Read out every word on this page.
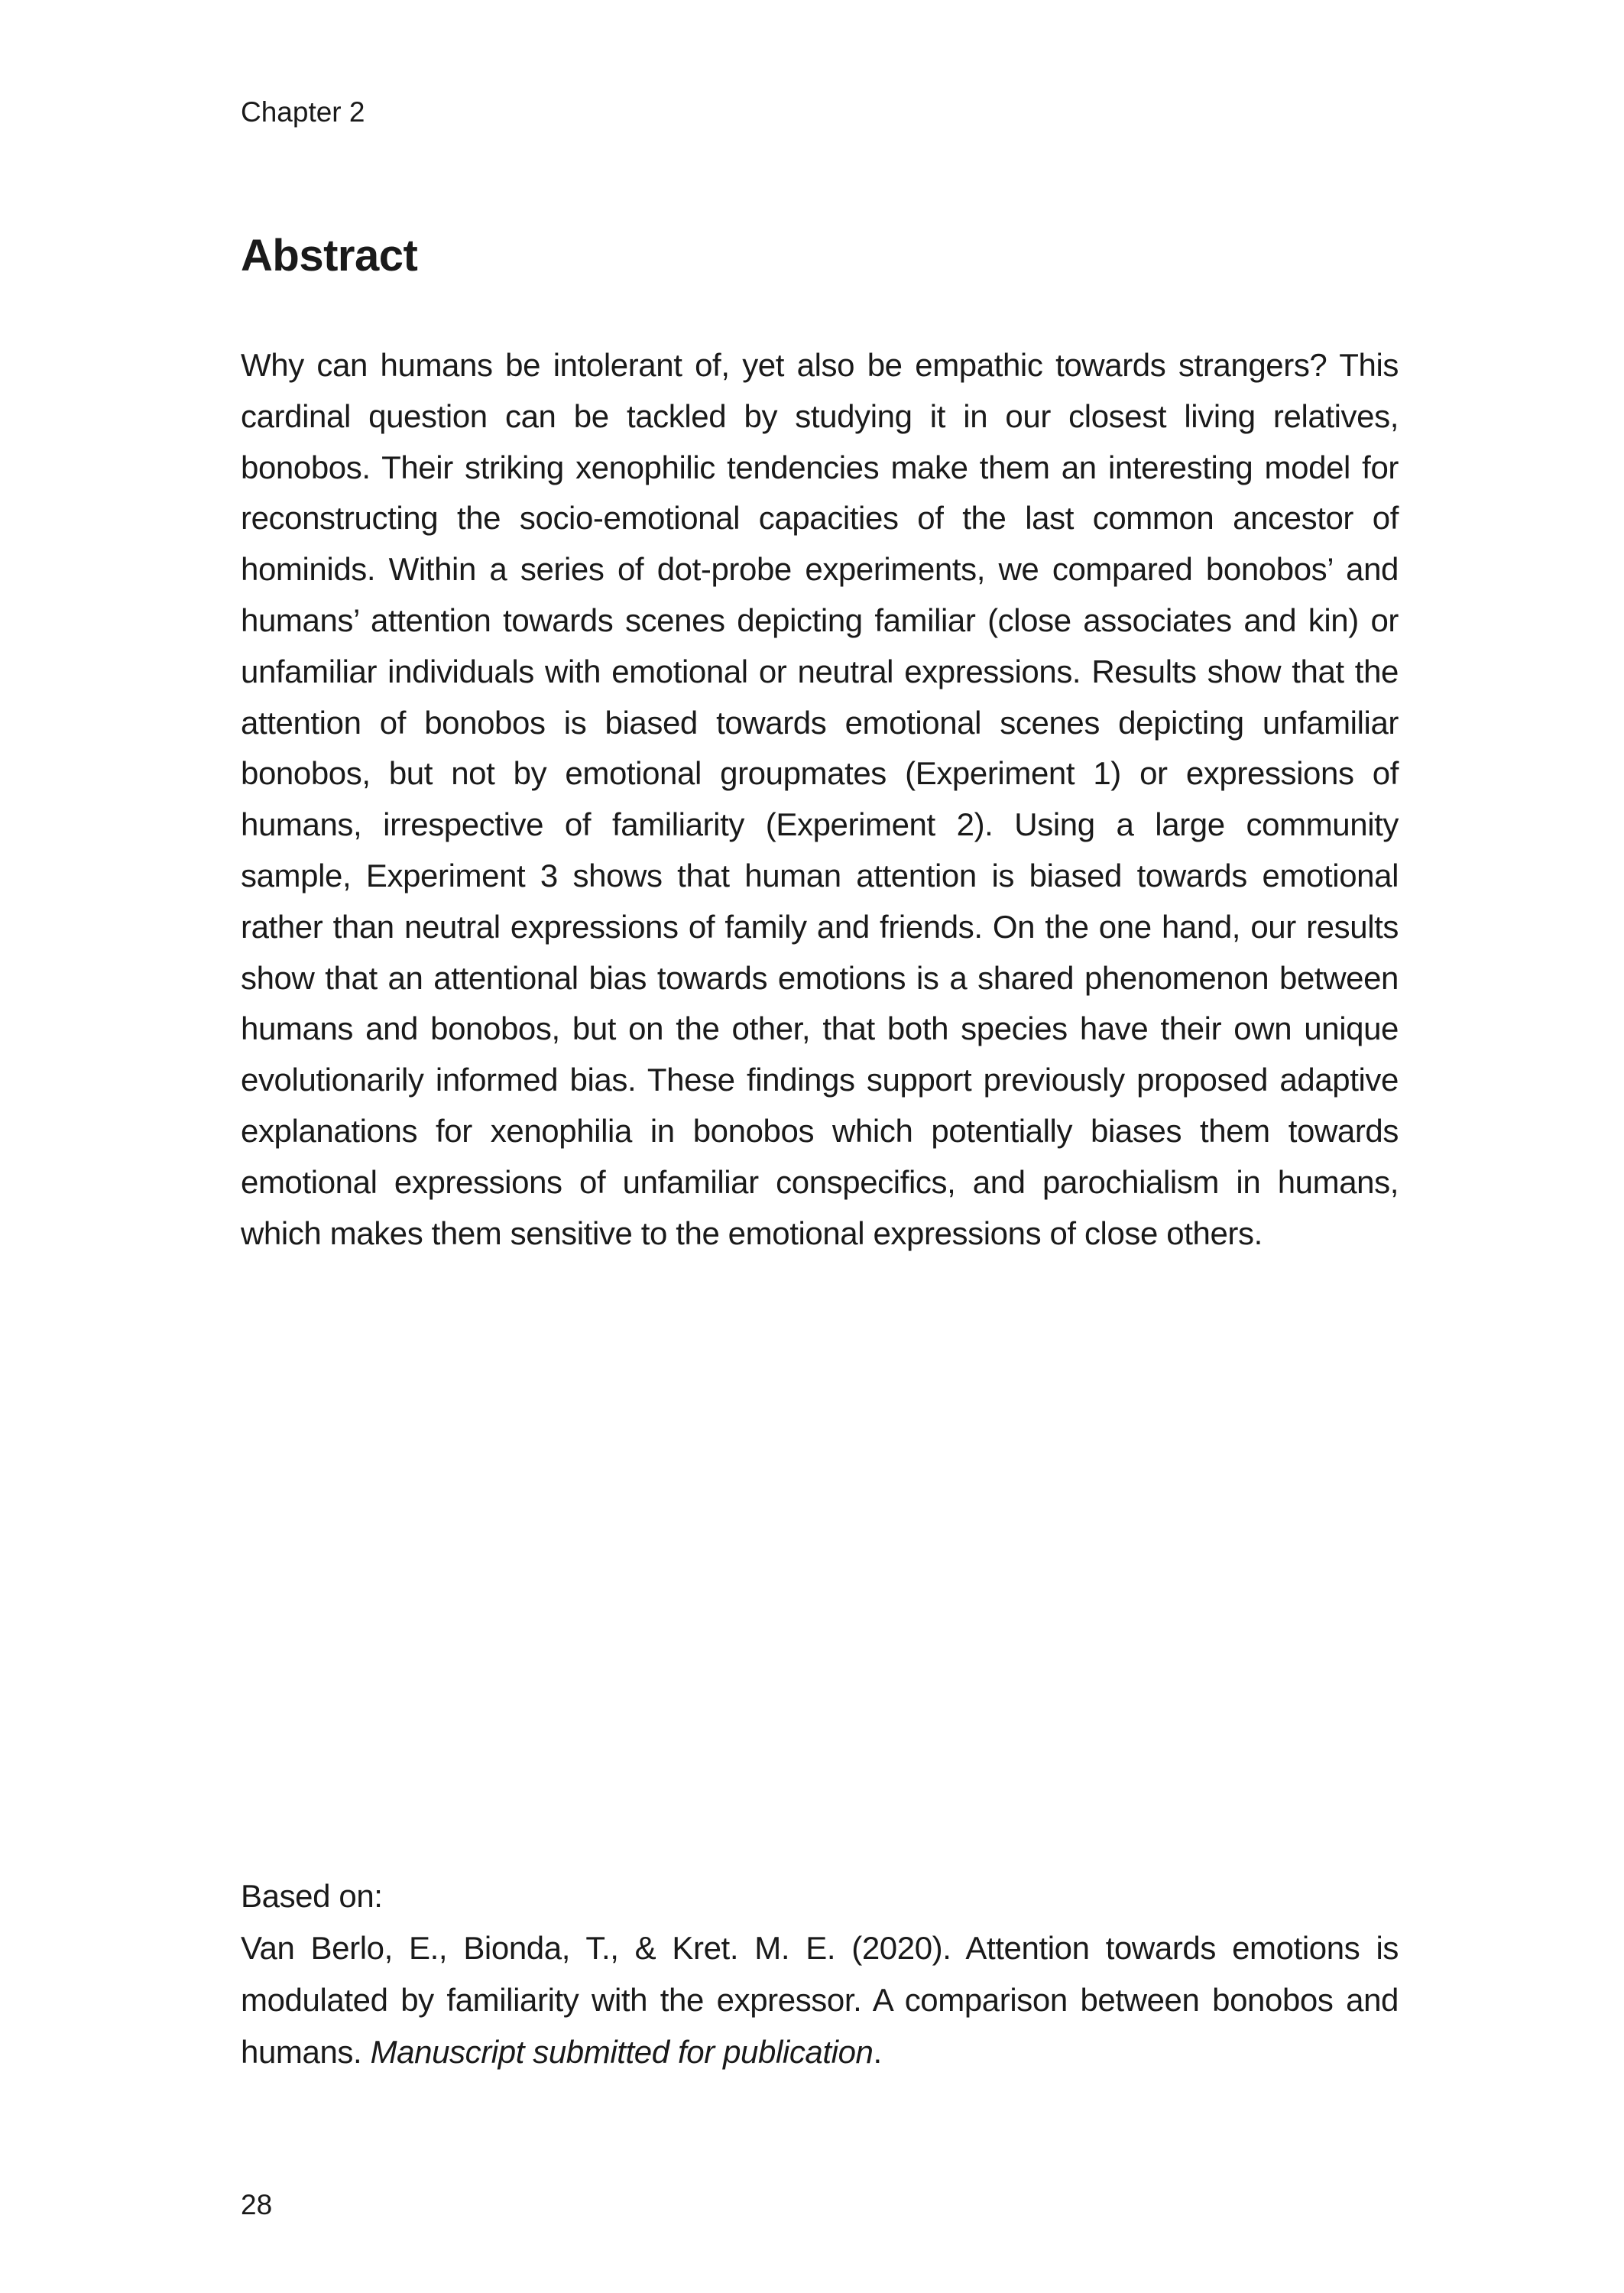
Chapter 2
Abstract

Why can humans be intolerant of, yet also be empathic towards strangers? This cardinal question can be tackled by studying it in our closest living relatives, bonobos. Their striking xenophilic tendencies make them an interesting model for reconstructing the socio-emotional capacities of the last common ancestor of hominids. Within a series of dot-probe experiments, we compared bonobos’ and humans’ attention towards scenes depicting familiar (close associates and kin) or unfamiliar individuals with emotional or neutral expressions. Results show that the attention of bonobos is biased towards emotional scenes depicting unfamiliar bonobos, but not by emotional groupmates (Experiment 1) or expressions of humans, irrespective of familiarity (Experiment 2). Using a large community sample, Experiment 3 shows that human attention is biased towards emotional rather than neutral expressions of family and friends. On the one hand, our results show that an attentional bias towards emotions is a shared phenomenon between humans and bonobos, but on the other, that both species have their own unique evolutionarily informed bias. These findings support previously proposed adaptive explanations for xenophilia in bonobos which potentially biases them towards emotional expressions of unfamiliar conspecifics, and parochialism in humans, which makes them sensitive to the emotional expressions of close others.

Based on:
Van Berlo, E., Bionda, T., & Kret. M. E. (2020). Attention towards emotions is modulated by familiarity with the expressor. A comparison between bonobos and humans. Manuscript submitted for publication.
28
